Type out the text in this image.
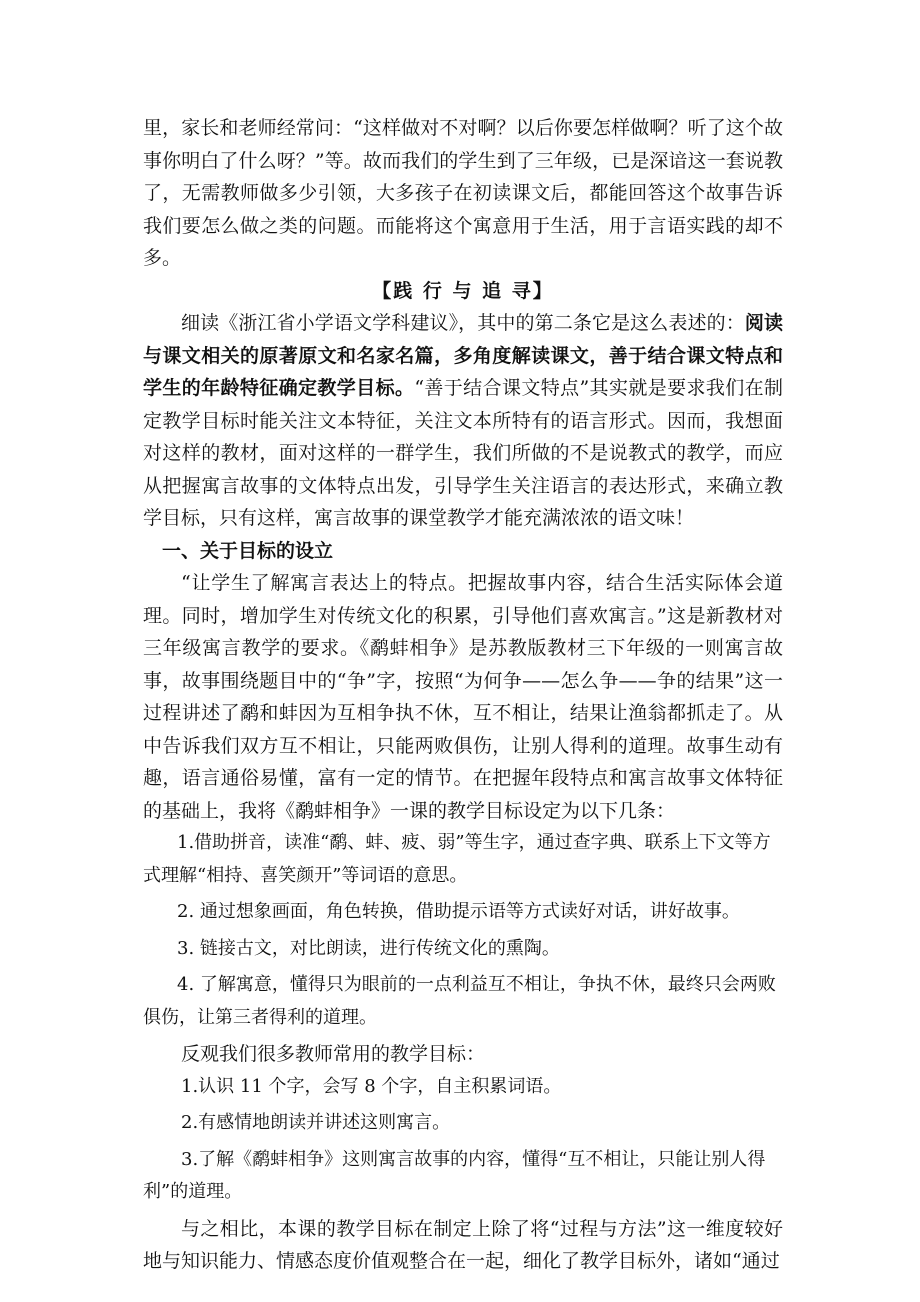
里，家长和老师经常问：“这样做对不对啊？以后你要怎样做啊？听了这个故事你明白了什么呀？”等。故而我们的学生到了三年级，已是深谙这一套说教了，无需教师做多少引领，大多孩子在初读课文后，都能回答这个故事告诉我们要怎么做之类的问题。而能将这个寓意用于生活，用于言语实践的却不多。

【践 行 与 追 寻】

细读《浙江省小学语文学科建议》，其中的第二条它是这么表述的：阅读与课文相关的原著原文和名家名篇，多角度解读课文，善于结合课文特点和学生的年龄特征确定教学目标。“善于结合课文特点”其实就是要求我们在制定教学目标时能关注文本特征，关注文本所特有的语言形式。因而，我想面对这样的教材，面对这样的一群学生，我们所做的不是说教式的教学，而应从把握寓言故事的文体特点出发，引导学生关注语言的表达形式，来确立教学目标，只有这样，寓言故事的课堂教学才能充满浓浓的语文味！

一、关于目标的设立

“让学生了解寓言表达上的特点。把握故事内容，结合生活实际体会道理。同时，增加学生对传统文化的积累，引导他们喜欢寓言。”这是新教材对三年级寓言教学的要求。《鹬蚌相争》是苏教版教材三下年级的一则寓言故事，故事围绕题目中的“争”字，按照“为何争——怎么争——争的结果”这一过程讲述了鹬和蚌因为互相争执不休，互不相让，结果让渔翁都抓走了。从中告诉我们双方互不相让，只能两败俱伤，让别人得利的道理。故事生动有趣，语言通俗易懂，富有一定的情节。在把握年段特点和寓言故事文体特征的基础上，我将《鹬蚌相争》一课的教学目标设定为以下几条：

1.借助拼音，读准“鹬、蚌、疲、弱”等生字，通过查字典、联系上下文等方式理解“相持、喜笑颜开”等词语的意思。

2. 通过想象画面，角色转换，借助提示语等方式读好对话，讲好故事。

3. 链接古文，对比朗读，进行传统文化的熏陶。

4. 了解寓意，懂得只为眼前的一点利益互不相让，争执不休，最终只会两败俱伤，让第三者得利的道理。

反观我们很多教师常用的教学目标：

1.认识 11 个字，会写 8 个字，自主积累词语。

2.有感情地朗读并讲述这则寓言。

3.了解《鹬蚌相争》这则寓言故事的内容，懂得“互不相让，只能让别人得利”的道理。

与之相比，本课的教学目标在制定上除了将“过程与方法”这一维度较好地与知识能力、情感态度价值观整合在一起，细化了教学目标外，诸如“通过
